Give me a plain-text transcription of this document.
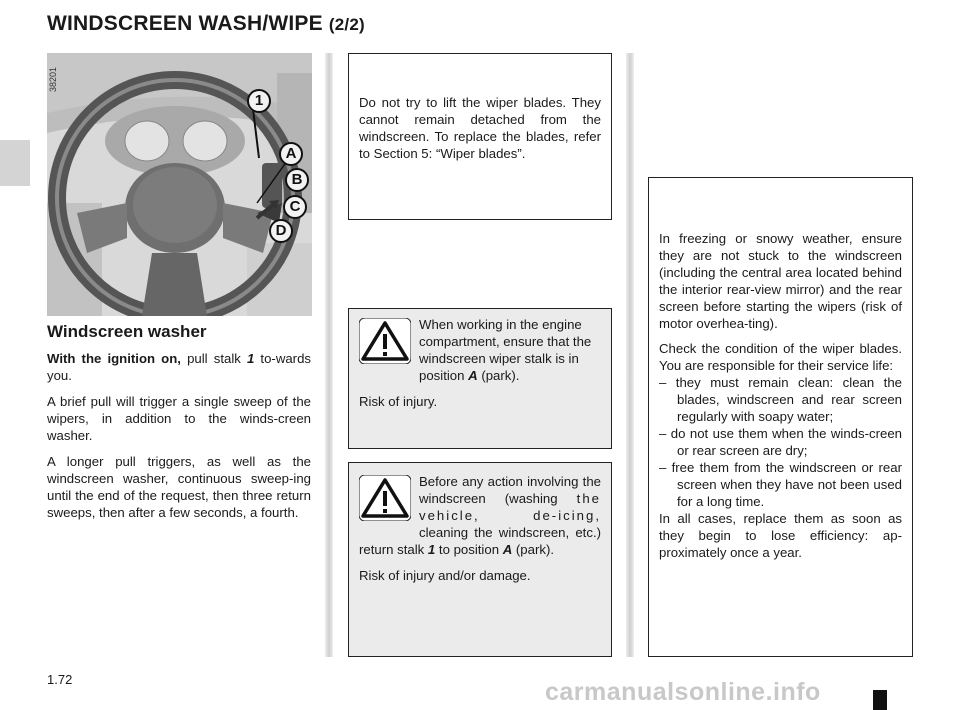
WINDSCREEN WASH/WIPE (2/2)
38201
1
A
B
C
D
Windscreen washer

With the ignition on, pull stalk 1 to-wards you.

A brief pull will trigger a single sweep of the wipers, in addition to the winds-creen washer.

A longer pull triggers, as well as the windscreen washer, continuous sweep-ing until the end of the request, then three return sweeps, then after a few seconds, a fourth.

Do not try to lift the wiper blades. They cannot remain detached from the windscreen. To replace the blades, refer to Section 5: “Wiper blades”.

When working in the engine compartment, ensure that the windscreen wiper stalk is in position A (park).

Risk of injury.

Before any action involving the windscreen (washing the vehicle, de-icing, cleaning the windscreen, etc.) return stalk 1 to position A (park).

Risk of injury and/or damage.

In freezing or snowy weather, ensure they are not stuck to the windscreen (including the central area located behind the interior rear-view mirror) and the rear screen before starting the wipers (risk of motor overhea-ting).

Check the condition of the wiper blades. You are responsible for their service life:

– they must remain clean: clean the blades, windscreen and rear screen regularly with soapy water;
– do not use them when the winds-creen or rear screen are dry;
– free them from the windscreen or rear screen when they have not been used for a long time.

In all cases, replace them as soon as they begin to lose efficiency: ap-proximately once a year.

1.72	carmanualsonline.info
